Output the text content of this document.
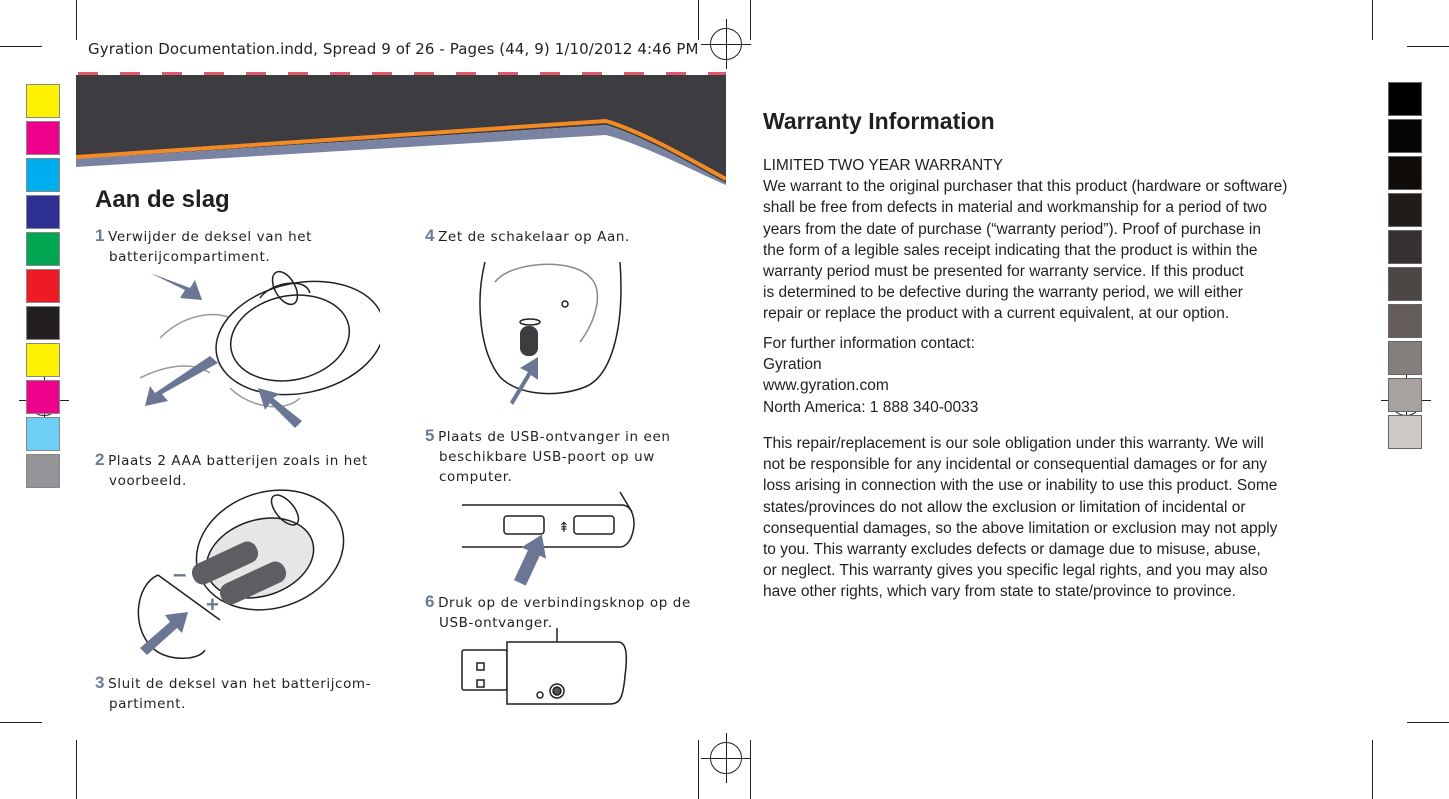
Gyration Documentation.indd, Spread 9 of 26 - Pages (44, 9) 1/10/2012 4:46 PM
Aan de slag
1 Verwijder de deksel van het
batterijcompartiment.
2 Plaats 2 AAA batterijen zoals in het
voorbeeld.
–
+
3 Sluit de deksel van het batterijcom-
partiment.
4 Zet de schakelaar op Aan.
5 Plaats de USB-ontvanger in een
beschikbare USB-poort op uw
computer.
⇞
6 Druk op de verbindingsknop op de
USB-ontvanger.
Warranty Information
LIMITED TWO YEAR WARRANTY
We warrant to the original purchaser that this product (hardware or software)
shall be free from defects in material and workmanship for a period of two
years from the date of purchase (“warranty period”). Proof of purchase in
the form of a legible sales receipt indicating that the product is within the
warranty period must be presented for warranty service. If this product
is determined to be defective during the warranty period, we will either
repair or replace the product with a current equivalent, at our option.
For further information contact:
Gyration
www.gyration.com
North America: 1 888 340-0033
This repair/replacement is our sole obligation under this warranty. We will
not be responsible for any incidental or consequential damages or for any
loss arising in connection with the use or inability to use this product. Some
states/provinces do not allow the exclusion or limitation of incidental or
consequential damages, so the above limitation or exclusion may not apply
to you. This warranty excludes defects or damage due to misuse, abuse,
or neglect. This warranty gives you specific legal rights, and you may also
have other rights, which vary from state to state/province to province.
